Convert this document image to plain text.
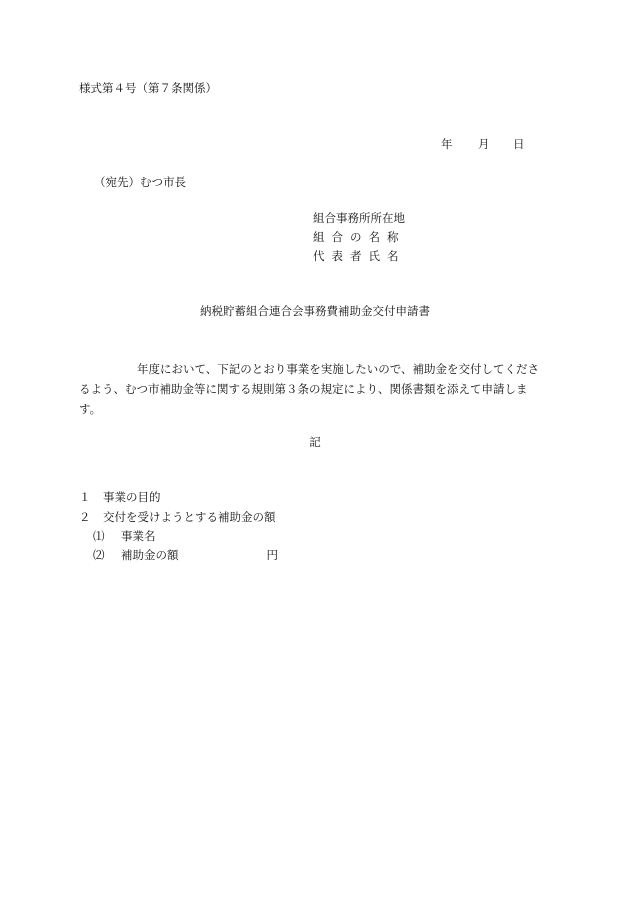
様式第４号（第７条関係）
年 月 日
（宛先）むつ市長
組合事務所所在地
組合の名称
代表者氏名
納税貯蓄組合連合会事務費補助金交付申請書
年度において、下記のとおり事業を実施したいので、補助金を交付してくださるよう、むつ市補助金等に関する規則第３条の規定により、関係書類を添えて申請します。
記
１ 事業の目的
２ 交付を受けようとする補助金の額
⑴ 事業名
⑵ 補助金の額	円
